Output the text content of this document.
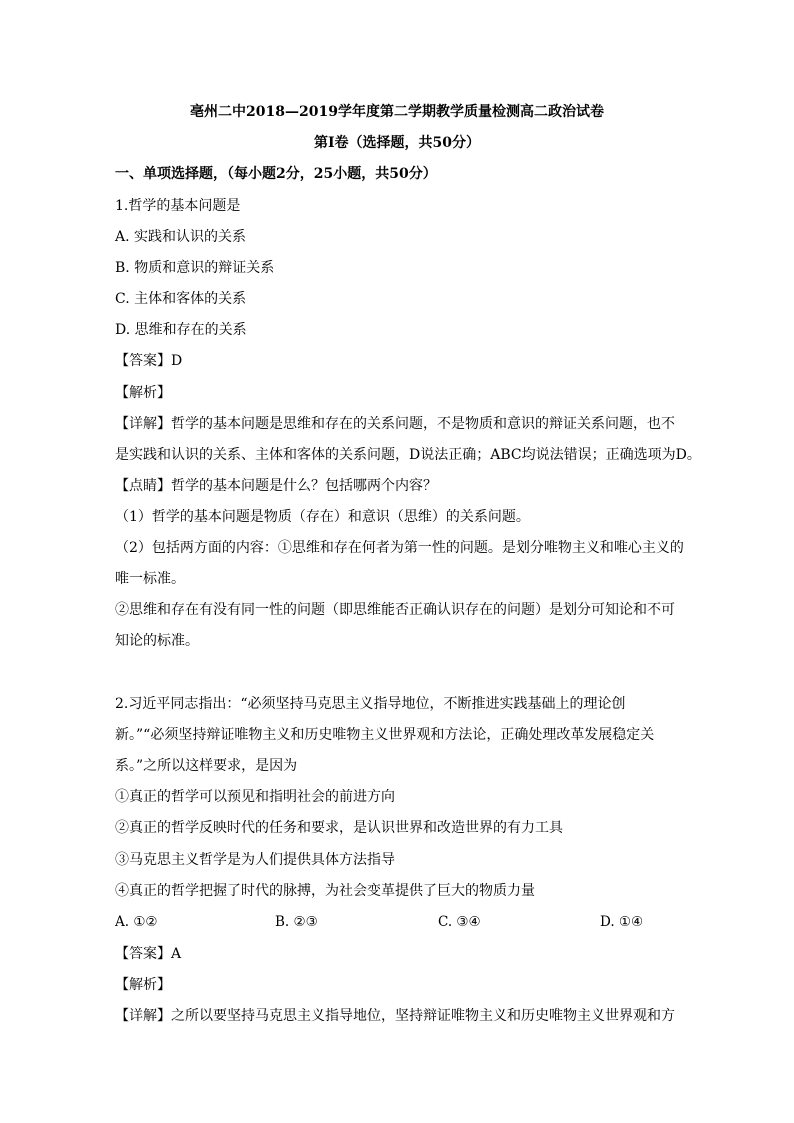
亳州二中2018—2019学年度第二学期教学质量检测高二政治试卷
第Ⅰ卷（选择题，共50分）
一、单项选择题，（每小题2分，25小题，共50分）
1.哲学的基本问题是
A. 实践和认识的关系
B. 物质和意识的辩证关系
C. 主体和客体的关系
D. 思维和存在的关系
【答案】D
【解析】
【详解】哲学的基本问题是思维和存在的关系问题，不是物质和意识的辩证关系问题，也不
是实践和认识的关系、主体和客体的关系问题，D说法正确；ABC均说法错误；正确选项为D。
【点睛】哲学的基本问题是什么？包括哪两个内容？
（1）哲学的基本问题是物质（存在）和意识（思维）的关系问题。
（2）包括两方面的内容：①思维和存在何者为第一性的问题。是划分唯物主义和唯心主义的
唯一标准。
②思维和存在有没有同一性的问题（即思维能否正确认识存在的问题）是划分可知论和不可
知论的标准。
2.习近平同志指出：“必须坚持马克思主义指导地位，不断推进实践基础上的理论创
新。”“必须坚持辩证唯物主义和历史唯物主义世界观和方法论，正确处理改革发展稳定关
系。”之所以这样要求，是因为
①真正的哲学可以预见和指明社会的前进方向
②真正的哲学反映时代的任务和要求，是认识世界和改造世界的有力工具
③马克思主义哲学是为人们提供具体方法指导
④真正的哲学把握了时代的脉搏，为社会变革提供了巨大的物质力量
A. ①②	B. ②③	C. ③④	D. ①④
【答案】A
【解析】
【详解】之所以要坚持马克思主义指导地位，坚持辩证唯物主义和历史唯物主义世界观和方
